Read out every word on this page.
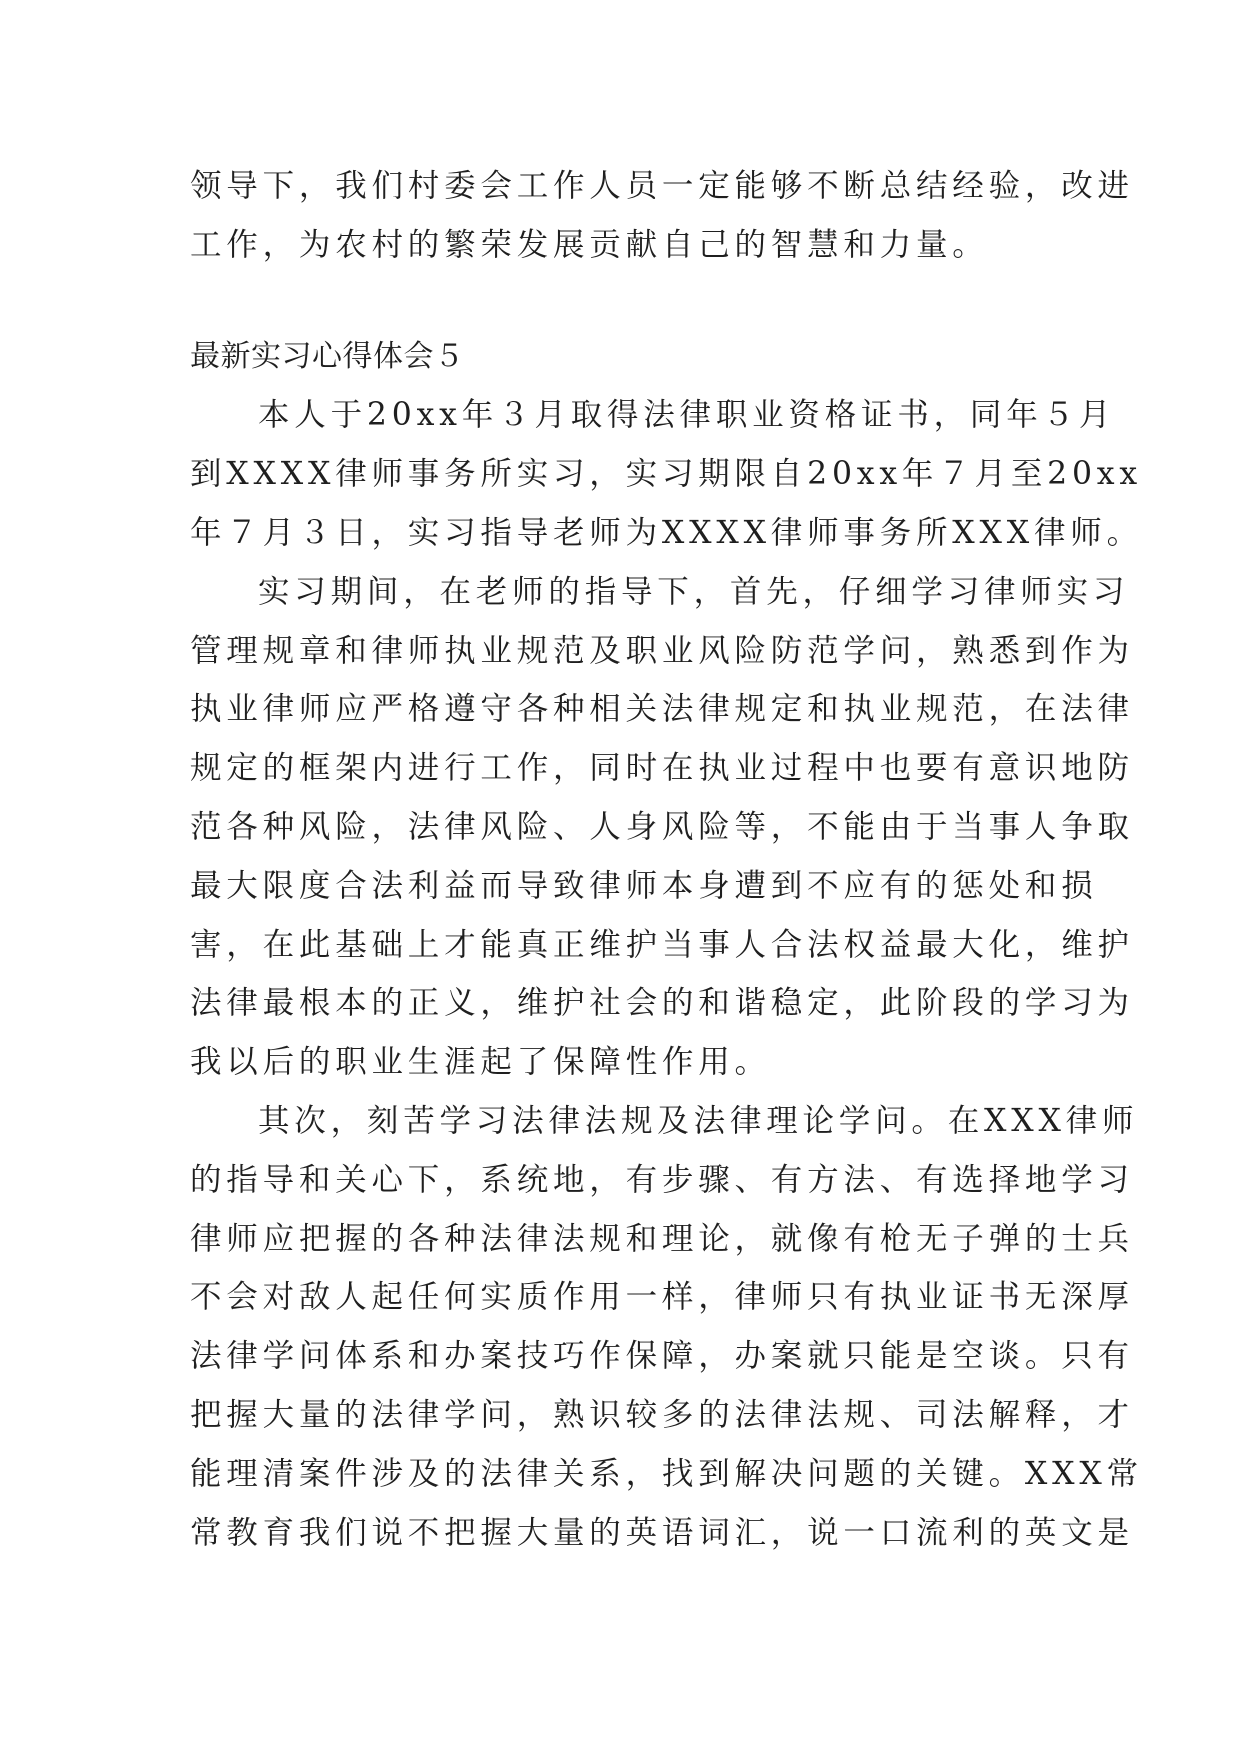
领导下，我们村委会工作人员一定能够不断总结经验，改进
工作，为农村的繁荣发展贡献自己的智慧和力量。
最新实习心得体会５
本人于20xx年３月取得法律职业资格证书，同年５月
到XXXX律师事务所实习，实习期限自20xx年７月至20xx
年７月３日，实习指导老师为XXXX律师事务所XXX律师。
实习期间，在老师的指导下，首先，仔细学习律师实习
管理规章和律师执业规范及职业风险防范学问，熟悉到作为
执业律师应严格遵守各种相关法律规定和执业规范，在法律
规定的框架内进行工作，同时在执业过程中也要有意识地防
范各种风险，法律风险、人身风险等，不能由于当事人争取
最大限度合法利益而导致律师本身遭到不应有的惩处和损
害，在此基础上才能真正维护当事人合法权益最大化，维护
法律最根本的正义，维护社会的和谐稳定，此阶段的学习为
我以后的职业生涯起了保障性作用。
其次，刻苦学习法律法规及法律理论学问。在XXX律师
的指导和关心下，系统地，有步骤、有方法、有选择地学习
律师应把握的各种法律法规和理论，就像有枪无子弹的士兵
不会对敌人起任何实质作用一样，律师只有执业证书无深厚
法律学问体系和办案技巧作保障，办案就只能是空谈。只有
把握大量的法律学问，熟识较多的法律法规、司法解释，才
能理清案件涉及的法律关系，找到解决问题的关键。XXX常
常教育我们说不把握大量的英语词汇，说一口流利的英文是
